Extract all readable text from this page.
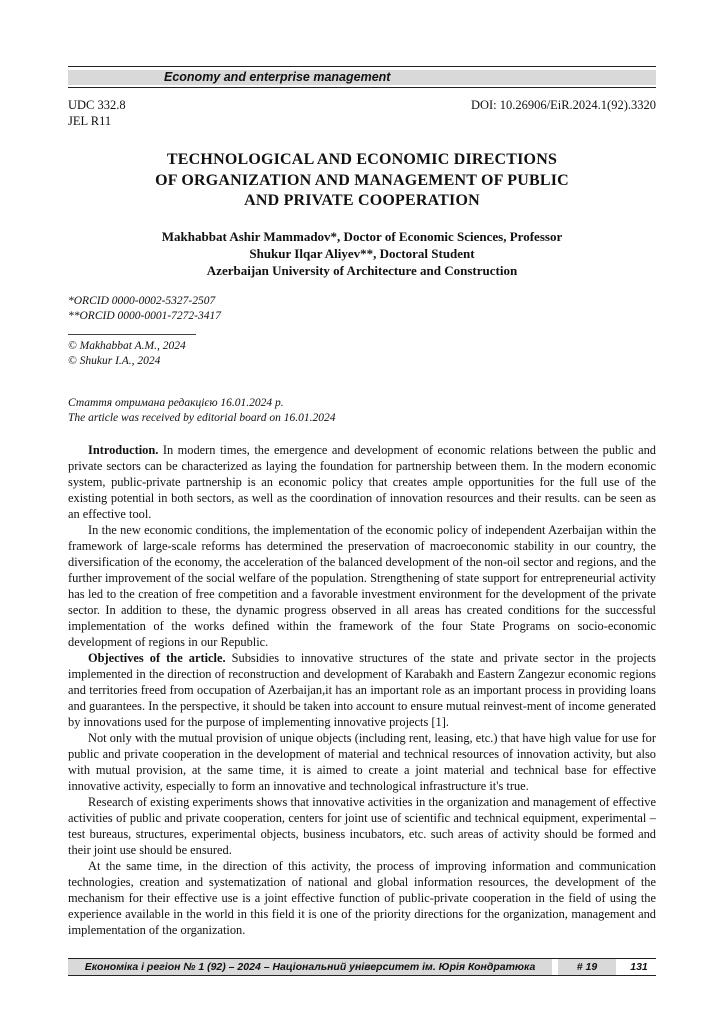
Economy and enterprise management
UDC 332.8
JEL R11
DOI: 10.26906/EiR.2024.1(92).3320
TECHNOLOGICAL AND ECONOMIC DIRECTIONS
OF ORGANIZATION AND MANAGEMENT OF PUBLIC
AND PRIVATE COOPERATION
Makhabbat Ashir Mammadov*, Doctor of Economic Sciences, Professor
Shukur Ilqar Aliyev**, Doctoral Student
Azerbaijan University of Architecture and Construction
*ORCID 0000-0002-5327-2507
**ORCID 0000-0001-7272-3417
© Makhabbat A.M., 2024
© Shukur I.A., 2024
Стаття отримана редакцією 16.01.2024 р.
The article was received by editorial board on 16.01.2024

Introduction. In modern times, the emergence and development of economic relations between the public and private sectors can be characterized as laying the foundation for partnership between them. In the modern economic system, public-private partnership is an economic policy that creates ample opportunities for the full use of the existing potential in both sectors, as well as the coordination of innovation resources and their results. can be seen as an effective tool.

In the new economic conditions, the implementation of the economic policy of independent Azerbaijan within the framework of large-scale reforms has determined the preservation of macroeconomic stability in our country, the diversification of the economy, the acceleration of the balanced development of the non-oil sector and regions, and the further improvement of the social welfare of the population. Strengthening of state support for entrepreneurial activity has led to the creation of free competition and a favorable investment environment for the development of the private sector. In addition to these, the dynamic progress observed in all areas has created conditions for the successful implementation of the works defined within the framework of the four State Programs on socio-economic development of regions in our Republic.

Objectives of the article. Subsidies to innovative structures of the state and private sector in the projects implemented in the direction of reconstruction and development of Karabakh and Eastern Zangezur economic regions and territories freed from occupation of Azerbaijan,it has an important role as an important process in providing loans and guarantees. In the perspective, it should be taken into account to ensure mutual reinvest-ment of income generated by innovations used for the purpose of implementing innovative projects [1].

Not only with the mutual provision of unique objects (including rent, leasing, etc.) that have high value for use for public and private cooperation in the development of material and technical resources of innovation activity, but also with mutual provision, at the same time, it is aimed to create a joint material and technical base for effective innovative activity, especially to form an innovative and technological infrastructure it's true.

Research of existing experiments shows that innovative activities in the organization and management of effective activities of public and private cooperation, centers for joint use of scientific and technical equipment, experimental – test bureaus, structures, experimental objects, business incubators, etc. such areas of activity should be formed and their joint use should be ensured.

At the same time, in the direction of this activity, the process of improving information and communication technologies, creation and systematization of national and global information resources, the development of the mechanism for their effective use is a joint effective function of public-private cooperation in the field of using the experience available in the world in this field it is one of the priority directions for the organization, management and implementation of the organization.

Економіка і регіон № 1 (92) – 2024 – Національний університет ім. Юрія Кондратюка	# 19	131
